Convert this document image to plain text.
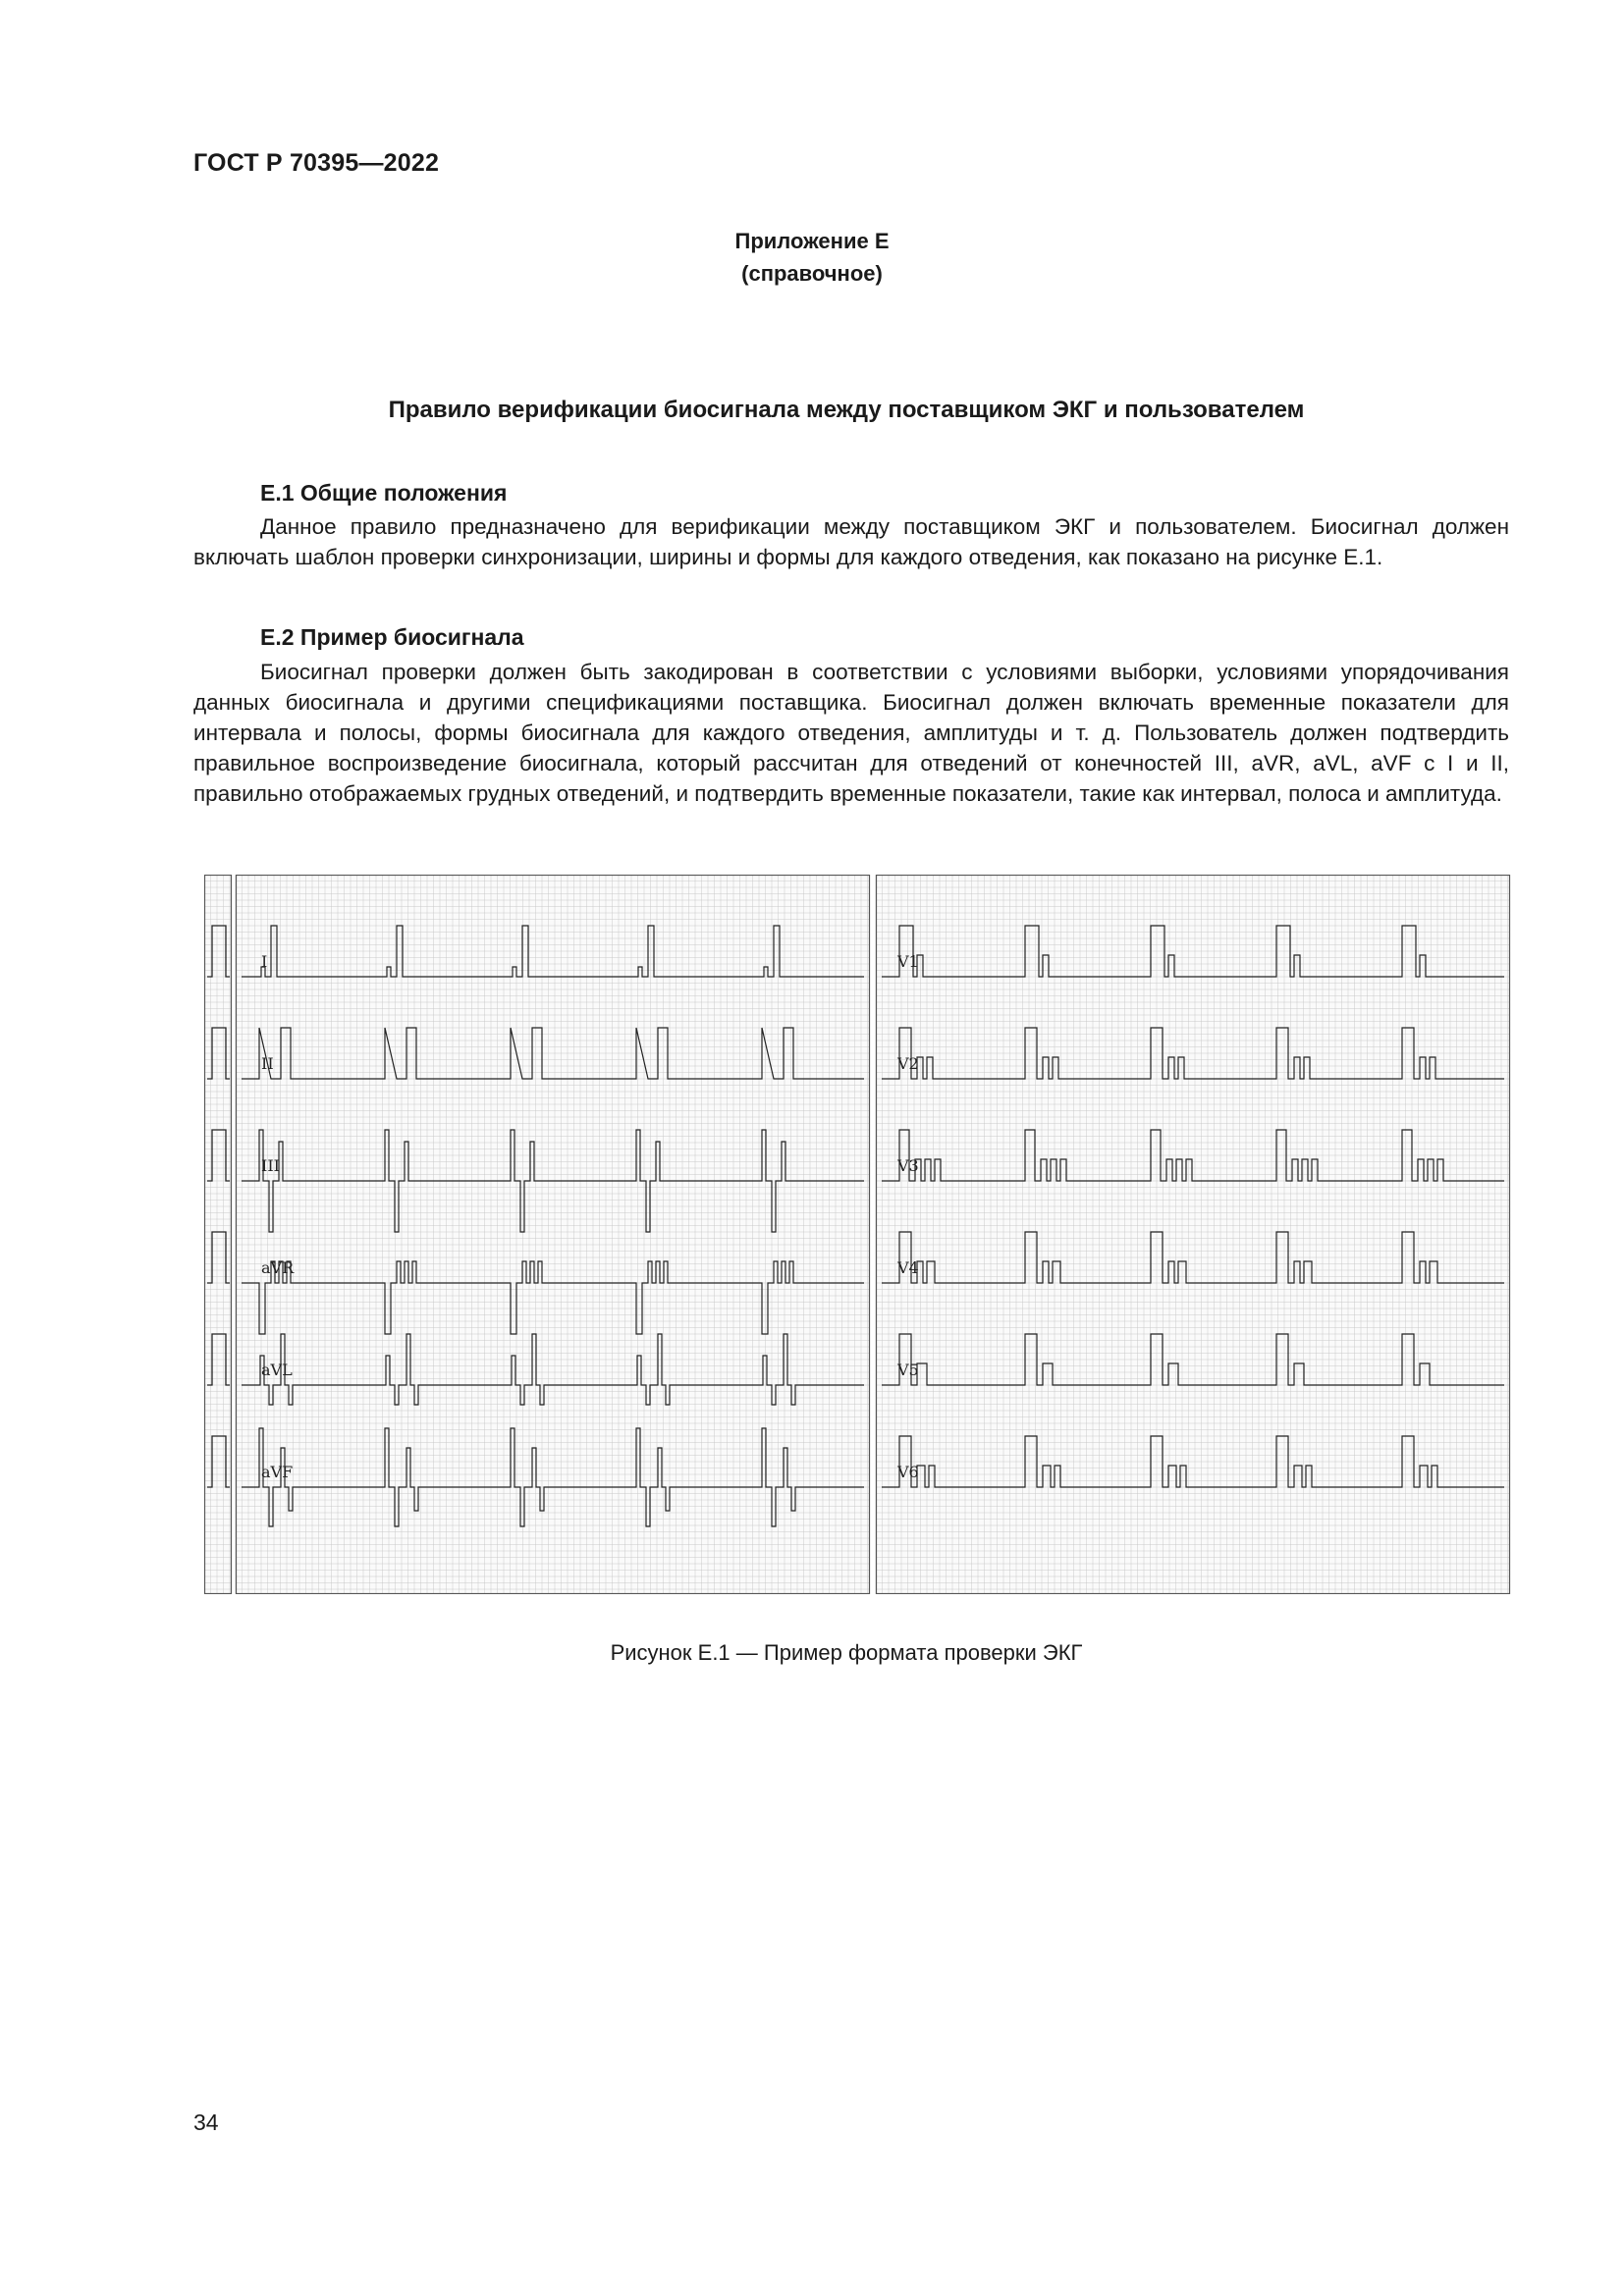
ГОСТ Р 70395—2022
Приложение Е
(справочное)
Правило верификации биосигнала между поставщиком ЭКГ и пользователем
Е.1 Общие положения
Данное правило предназначено для верификации между поставщиком ЭКГ и пользователем. Биосигнал должен включать шаблон проверки синхронизации, ширины и формы для каждого отведения, как показано на рисунке Е.1.
Е.2 Пример биосигнала
Биосигнал проверки должен быть закодирован в соответствии с условиями выборки, условиями упорядочивания данных биосигнала и другими спецификациями поставщика. Биосигнал должен включать временные показатели для интервала и полосы, формы биосигнала для каждого отведения, амплитуды и т. д. Пользователь должен подтвердить правильное воспроизведение биосигнала, который рассчитан для отведений от конечностей III, aVR, aVL, aVF с I и II, правильно отображаемых грудных отведений, и подтвердить временные показатели, такие как интервал, полоса и амплитуда.
I
II
III
aVR
aVL
aVF
V1
V2
V3
V4
V5
V6
Рисунок Е.1 — Пример формата проверки ЭКГ
34
